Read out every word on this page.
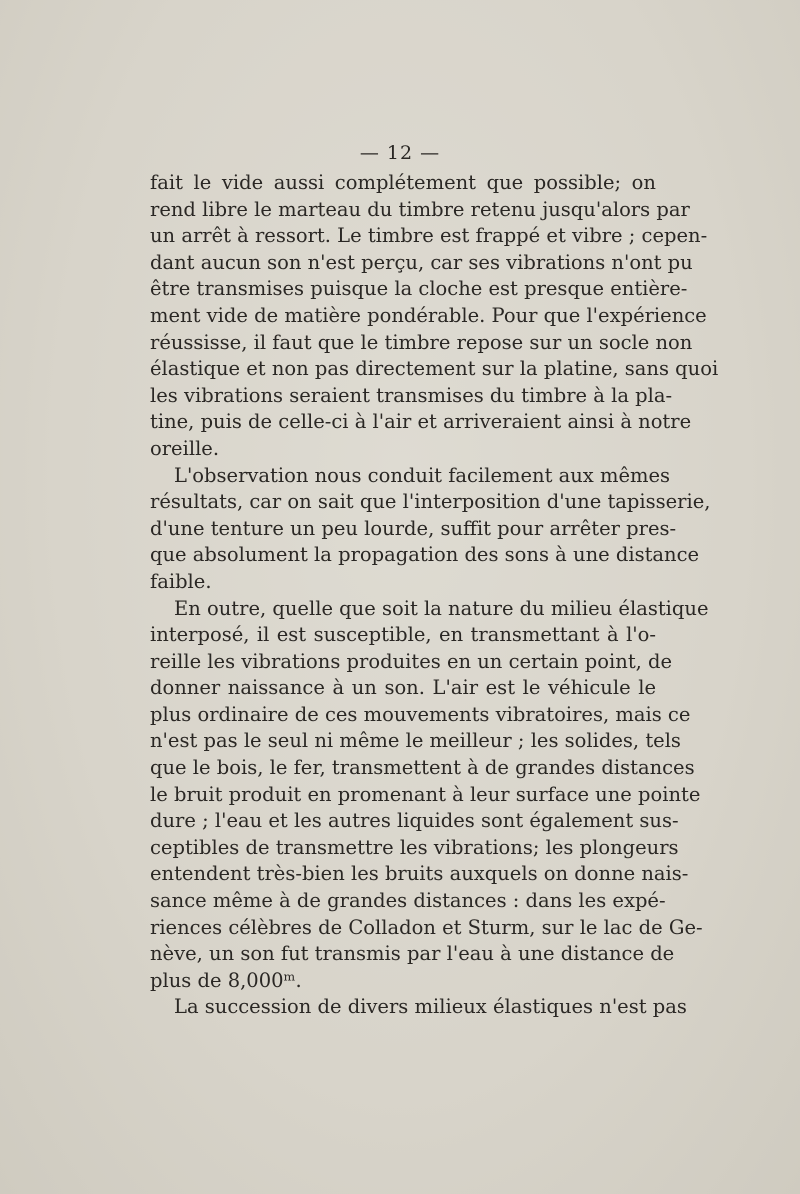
— 12 —
fait le vide aussi complétement que possible; on
rend libre le marteau du timbre retenu jusqu'alors par
un arrêt à ressort. Le timbre est frappé et vibre ; cepen-
dant aucun son n'est perçu, car ses vibrations n'ont pu
être transmises puisque la cloche est presque entière-
ment vide de matière pondérable. Pour que l'expérience
réussisse, il faut que le timbre repose sur un socle non
élastique et non pas directement sur la platine, sans quoi
les vibrations seraient transmises du timbre à la pla-
tine, puis de celle-ci à l'air et arriveraient ainsi à notre
oreille.
L'observation nous conduit facilement aux mêmes
résultats, car on sait que l'interposition d'une tapisserie,
d'une tenture un peu lourde, suffit pour arrêter pres-
que absolument la propagation des sons à une distance
faible.
En outre, quelle que soit la nature du milieu élastique
interposé, il est susceptible, en transmettant à l'o-
reille les vibrations produites en un certain point, de
donner naissance à un son. L'air est le véhicule le
plus ordinaire de ces mouvements vibratoires, mais ce
n'est pas le seul ni même le meilleur ; les solides, tels
que le bois, le fer, transmettent à de grandes distances
le bruit produit en promenant à leur surface une pointe
dure ; l'eau et les autres liquides sont également sus-
ceptibles de transmettre les vibrations; les plongeurs
entendent très-bien les bruits auxquels on donne nais-
sance même à de grandes distances : dans les expé-
riences célèbres de Colladon et Sturm, sur le lac de Ge-
nève, un son fut transmis par l'eau à une distance de
plus de 8,000ᵐ.
La succession de divers milieux élastiques n'est pas
